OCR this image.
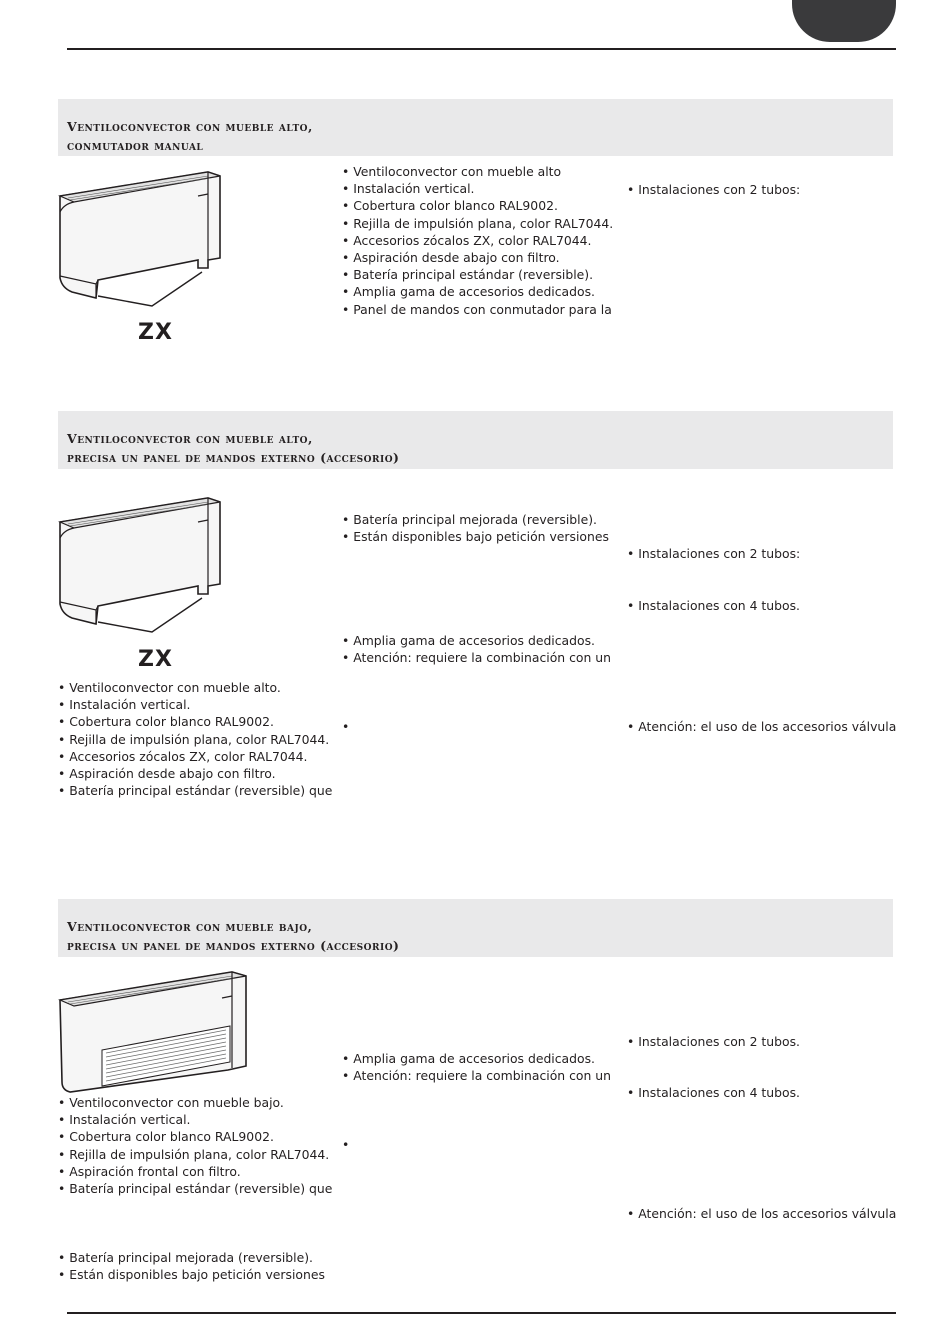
Ventiloconvector con mueble alto,
conmutador manual
ZX
• Ventiloconvector con mueble alto
• Instalación vertical.
• Cobertura color blanco RAL9002.
• Rejilla de impulsión plana, color RAL7044.
• Accesorios zócalos ZX, color RAL7044.
• Aspiración desde abajo con filtro.
• Batería principal estándar (reversible).
• Amplia gama de accesorios dedicados.
• Panel de mandos con conmutador para la
• Instalaciones con 2 tubos:
Ventiloconvector con mueble alto,
precisa un panel de mandos externo (accesorio)
ZX
• Ventiloconvector con mueble alto.
• Instalación vertical.
• Cobertura color blanco RAL9002.
• Rejilla de impulsión plana, color RAL7044.
• Accesorios zócalos ZX, color RAL7044.
• Aspiración desde abajo con filtro.
• Batería principal estándar (reversible) que
• Batería principal mejorada (reversible).
• Están disponibles bajo petición versiones
• Amplia gama de accesorios dedicados.
• Atención: requiere la combinación con un
•
• Instalaciones con 2 tubos:
• Instalaciones con 4 tubos.
• Atención: el uso de los accesorios válvula
Ventiloconvector con mueble bajo,
precisa un panel de mandos externo (accesorio)
• Ventiloconvector con mueble bajo.
• Instalación vertical.
• Cobertura color blanco RAL9002.
• Rejilla de impulsión plana, color RAL7044.
• Aspiración frontal con filtro.
• Batería principal estándar (reversible) que
• Batería principal mejorada (reversible).
• Están disponibles bajo petición versiones
• Amplia gama de accesorios dedicados.
• Atención: requiere la combinación con un
•
• Instalaciones con 2 tubos.
• Instalaciones con 4 tubos.
• Atención: el uso de los accesorios válvula
